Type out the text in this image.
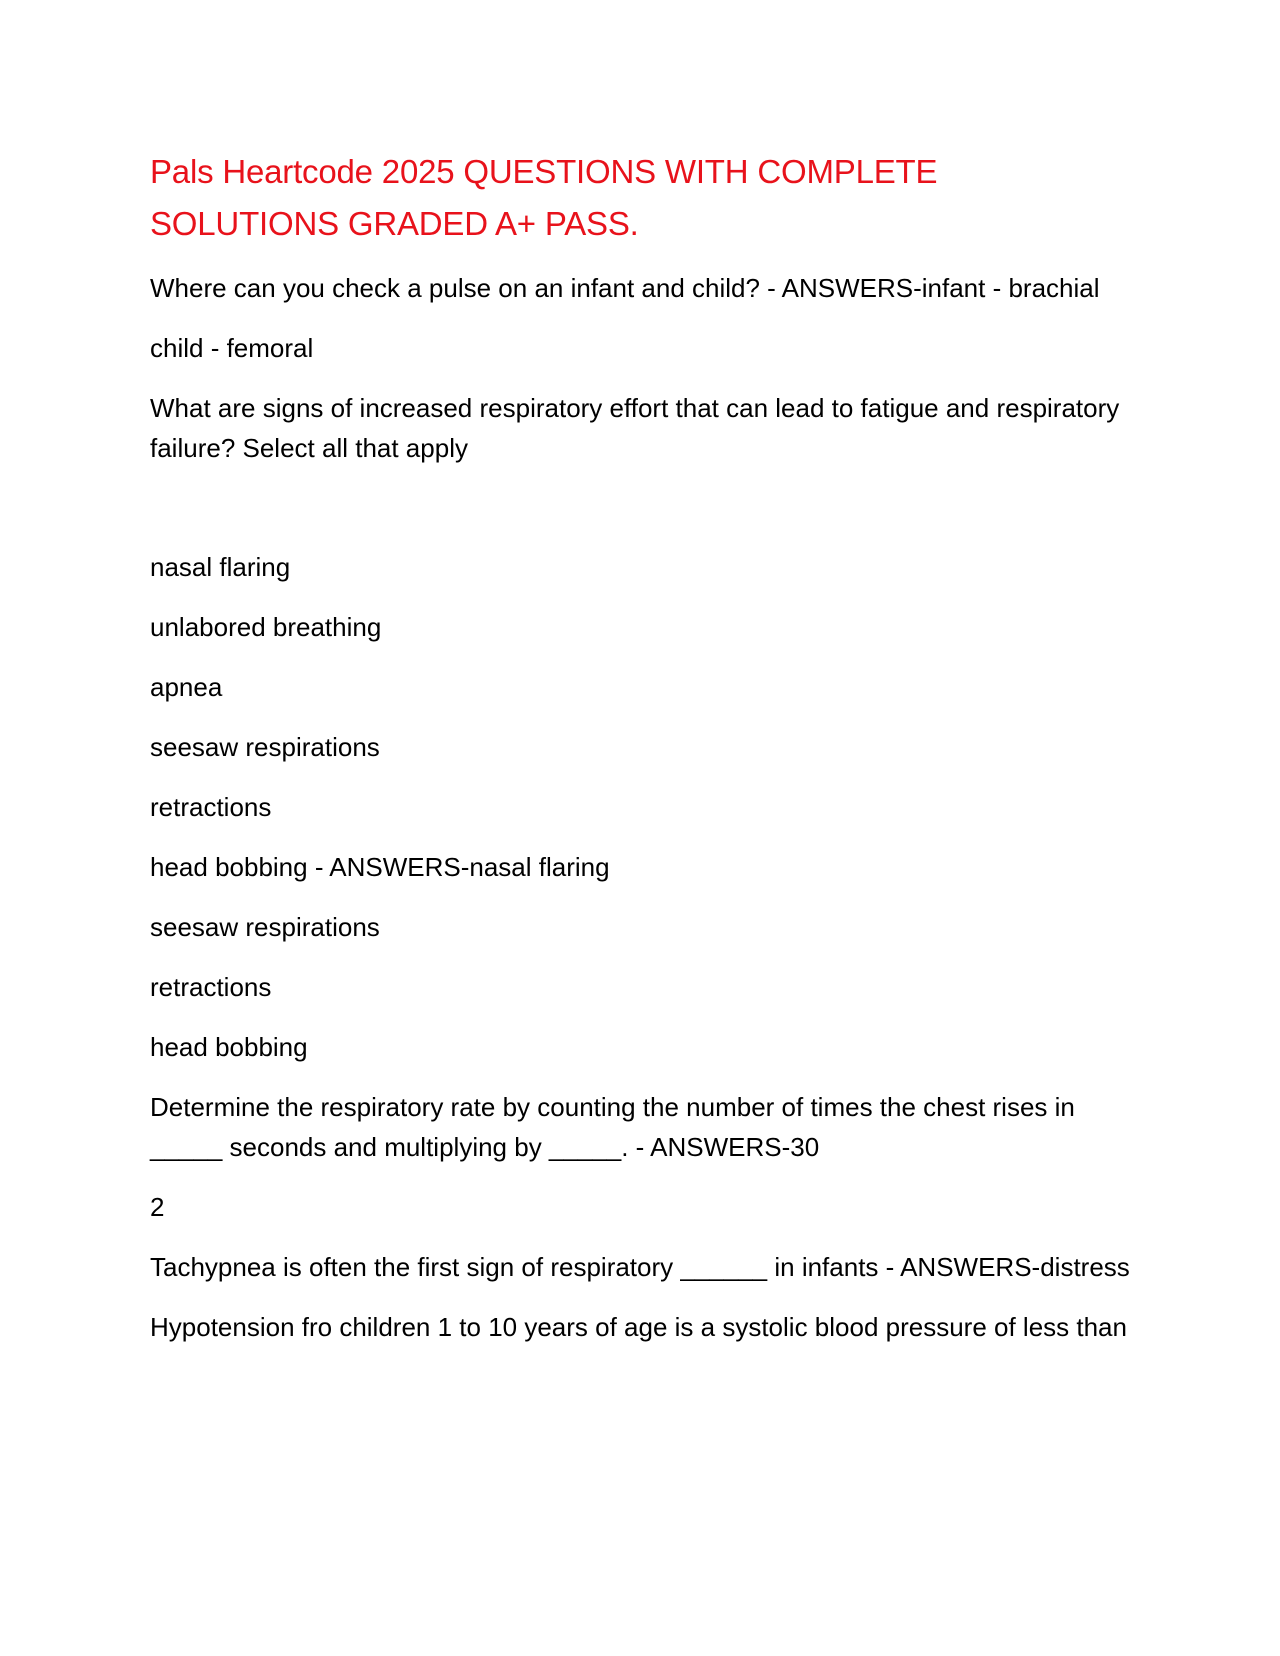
Pals Heartcode 2025 QUESTIONS WITH COMPLETE SOLUTIONS GRADED A+ PASS.

Where can you check a pulse on an infant and child? - ANSWERS-infant - brachial

child - femoral

What are signs of increased respiratory effort that can lead to fatigue and respiratory failure? Select all that apply

nasal flaring

unlabored breathing

apnea

seesaw respirations

retractions

head bobbing - ANSWERS-nasal flaring

seesaw respirations

retractions

head bobbing

Determine the respiratory rate by counting the number of times the chest rises in _____ seconds and multiplying by _____. - ANSWERS-30

2

Tachypnea is often the first sign of respiratory ______ in infants - ANSWERS-distress

Hypotension fro children 1 to 10 years of age is a systolic blood pressure of less than
